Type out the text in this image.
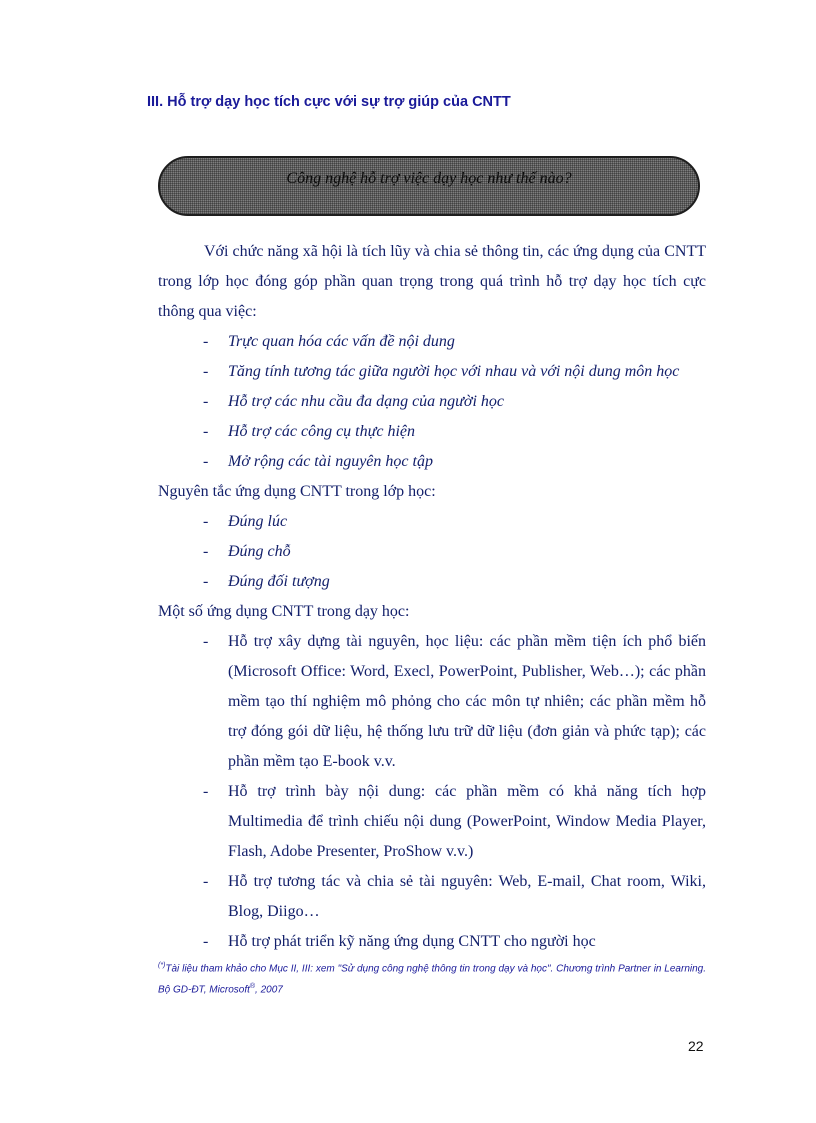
III. Hỗ trợ dạy học tích cực với sự trợ giúp của CNTT

Công nghệ hỗ trợ việc dạy học như thế nào?

Với chức năng xã hội là tích lũy và chia sẻ thông tin, các ứng dụng của CNTT trong lớp học đóng góp phần quan trọng trong quá trình hỗ trợ dạy học tích cực thông qua việc:

- Trực quan hóa các vấn đề nội dung
- Tăng tính tương tác giữa người học với nhau và với nội dung môn học
- Hỗ trợ các nhu cầu đa dạng của người học
- Hỗ trợ các công cụ thực hiện
- Mở rộng các tài nguyên học tập

Nguyên tắc ứng dụng CNTT trong lớp học:

- Đúng lúc
- Đúng chỗ
- Đúng đối tượng

Một số ứng dụng CNTT trong dạy học:

- Hỗ trợ xây dựng tài nguyên, học liệu: các phần mềm tiện ích phổ biến (Microsoft Office: Word, Execl, PowerPoint, Publisher, Web…); các phần mềm tạo thí nghiệm mô phỏng cho các môn tự nhiên; các phần mềm hỗ trợ đóng gói dữ liệu, hệ thống lưu trữ dữ liệu (đơn giản và phức tạp); các phần mềm tạo E-book v.v.
- Hỗ trợ trình bày nội dung: các phần mềm có khả năng tích hợp Multimedia để trình chiếu nội dung (PowerPoint, Window Media Player, Flash, Adobe Presenter, ProShow v.v.)
- Hỗ trợ tương tác và chia sẻ tài nguyên: Web, E-mail, Chat room, Wiki, Blog, Diigo…
- Hỗ trợ phát triển kỹ năng ứng dụng CNTT cho người học

(*)Tài liệu tham khảo cho Mục II, III: xem "Sử dụng công nghệ thông tin trong dạy và học". Chương trình Partner in Learning. Bộ GD-ĐT, Microsoft®, 2007

22
